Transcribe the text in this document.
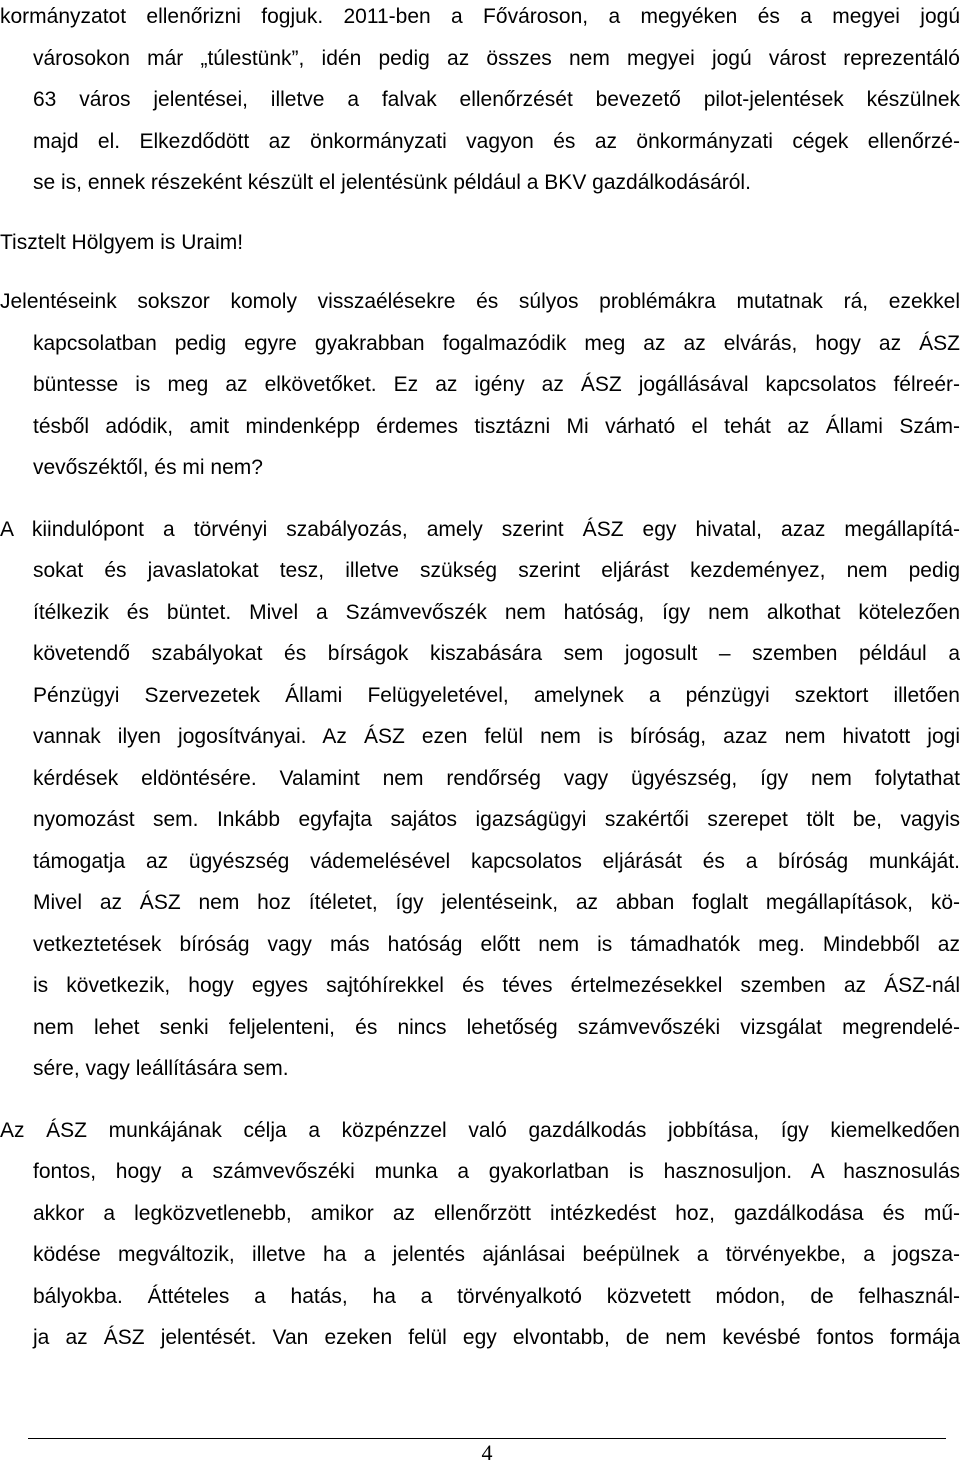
kormányzatot ellenőrizni fogjuk. 2011-ben a Fővároson, a megyéken és a megyei jogú
városokon már „túlestünk”, idén pedig az összes nem megyei jogú várost reprezentáló
63 város jelentései, illetve a falvak ellenőrzését bevezető pilot-jelentések készülnek
majd el. Elkezdődött az önkormányzati vagyon és az önkormányzati cégek ellenőrzé-
se is, ennek részeként készült el jelentésünk például a BKV gazdálkodásáról.
Tisztelt Hölgyem is Uraim!
Jelentéseink sokszor komoly visszaélésekre és súlyos problémákra mutatnak rá, ezekkel
kapcsolatban pedig egyre gyakrabban fogalmazódik meg az az elvárás, hogy az ÁSZ
büntesse is meg az elkövetőket. Ez az igény az ÁSZ jogállásával kapcsolatos félreér-
tésből adódik, amit mindenképp érdemes tisztázni Mi várható el tehát az Állami Szám-
vevőszéktől, és mi nem?
A kiindulópont a törvényi szabályozás, amely szerint ÁSZ egy hivatal, azaz megállapítá-
sokat és javaslatokat tesz, illetve szükség szerint eljárást kezdeményez, nem pedig
ítélkezik és büntet. Mivel a Számvevőszék nem hatóság, így nem alkothat kötelezően
követendő szabályokat és bírságok kiszabására sem jogosult – szemben például a
Pénzügyi Szervezetek Állami Felügyeletével, amelynek a pénzügyi szektort illetően
vannak ilyen jogosítványai. Az ÁSZ ezen felül nem is bíróság, azaz nem hivatott jogi
kérdések eldöntésére. Valamint nem rendőrség vagy ügyészség, így nem folytathat
nyomozást sem. Inkább egyfajta sajátos igazságügyi szakértői szerepet tölt be, vagyis
támogatja az ügyészség vádemelésével kapcsolatos eljárását és a bíróság munkáját.
Mivel az ÁSZ nem hoz ítéletet, így jelentéseink, az abban foglalt megállapítások, kö-
vetkeztetések bíróság vagy más hatóság előtt nem is támadhatók meg. Mindebből az
is következik, hogy egyes sajtóhírekkel és téves értelmezésekkel szemben az ÁSZ-nál
nem lehet senki feljelenteni, és nincs lehetőség számvevőszéki vizsgálat megrendelé-
sére, vagy leállítására sem.
Az ÁSZ munkájának célja a közpénzzel való gazdálkodás jobbítása, így kiemelkedően
fontos, hogy a számvevőszéki munka a gyakorlatban is hasznosuljon. A hasznosulás
akkor a legközvetlenebb, amikor az ellenőrzött intézkedést hoz, gazdálkodása és mű-
ködése megváltozik, illetve ha a jelentés ajánlásai beépülnek a törvényekbe, a jogsza-
bályokba. Áttételes a hatás, ha a törvényalkotó közvetett módon, de felhasznál-
ja az ÁSZ jelentését. Van ezeken felül egy elvontabb, de nem kevésbé fontos formája
4
